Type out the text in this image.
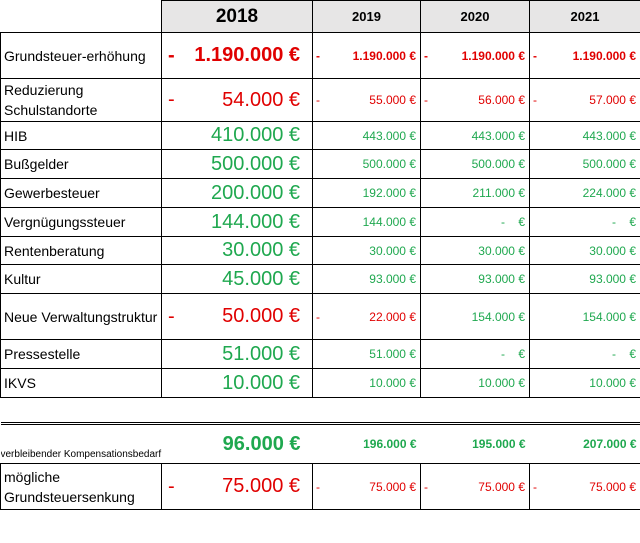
	2018	2019	2020	2021
Grundsteuer-erhöhung	- 1.190.000 €	- 1.190.000 €	- 1.190.000 €	- 1.190.000 €
Reduzierung Schulstandorte	- 54.000 €	- 55.000 €	- 56.000 €	- 57.000 €
HIB	410.000 €	443.000 €	443.000 €	443.000 €
Bußgelder	500.000 €	500.000 €	500.000 €	500.000 €
Gewerbesteuer	200.000 €	192.000 €	211.000 €	224.000 €
Vergnügungssteuer	144.000 €	144.000 €	-    €	-    €
Rentenberatung	30.000 €	30.000 €	30.000 €	30.000 €
Kultur	45.000 €	93.000 €	93.000 €	93.000 €
Neue Verwaltungstruktur	- 50.000 €	- 22.000 €	154.000 €	154.000 €
Pressestelle	51.000 €	51.000 €	-    €	-    €
IKVS	10.000 €	10.000 €	10.000 €	10.000 €

verbleibender Kompensationsbedarf	96.000 €	196.000 €	195.000 €	207.000 €
mögliche Grundsteuersenkung	- 75.000 €	- 75.000 €	- 75.000 €	- 75.000 €
